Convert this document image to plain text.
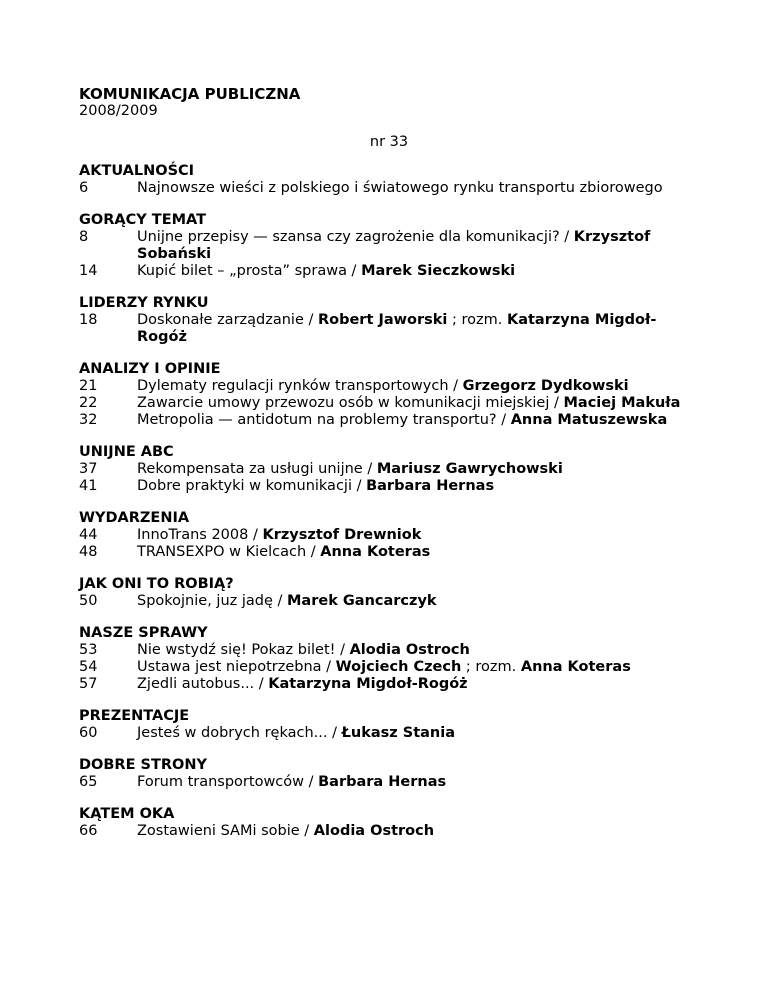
KOMUNIKACJA PUBLICZNA

2008/2009

nr 33

AKTUALNOŚCI

6	Najnowsze wieści z polskiego i światowego rynku transportu zbiorowego

GORĄCY TEMAT

8	Unijne przepisy — szansa czy zagrożenie dla komunikacji? / Krzysztof Sobański
14	Kupić bilet – „prosta” sprawa / Marek Sieczkowski

LIDERZY RYNKU

18	Doskonałe zarządzanie / Robert Jaworski ; rozm. Katarzyna Migdoł-Rogóż

ANALIZY I OPINIE

21	Dylematy regulacji rynków transportowych / Grzegorz Dydkowski
22	Zawarcie umowy przewozu osób w komunikacji miejskiej / Maciej Makuła
32	Metropolia — antidotum na problemy transportu? / Anna Matuszewska

UNIJNE ABC

37	Rekompensata za usługi unijne / Mariusz Gawrychowski
41	Dobre praktyki w komunikacji / Barbara Hernas

WYDARZENIA

44	InnoTrans 2008 / Krzysztof Drewniok
48	TRANSEXPO w Kielcach / Anna Koteras

JAK ONI TO ROBIĄ?

50	Spokojnie, juz jadę / Marek Gancarczyk

NASZE SPRAWY

53	Nie wstydź się! Pokaz bilet! / Alodia Ostroch
54	Ustawa jest niepotrzebna / Wojciech Czech ; rozm. Anna Koteras
57	Zjedli autobus... / Katarzyna Migdoł-Rogóż

PREZENTACJE

60	Jesteś w dobrych rękach... / Łukasz Stania

DOBRE STRONY

65	Forum transportowców / Barbara Hernas

KĄTEM OKA

66	Zostawieni SAMi sobie / Alodia Ostroch
